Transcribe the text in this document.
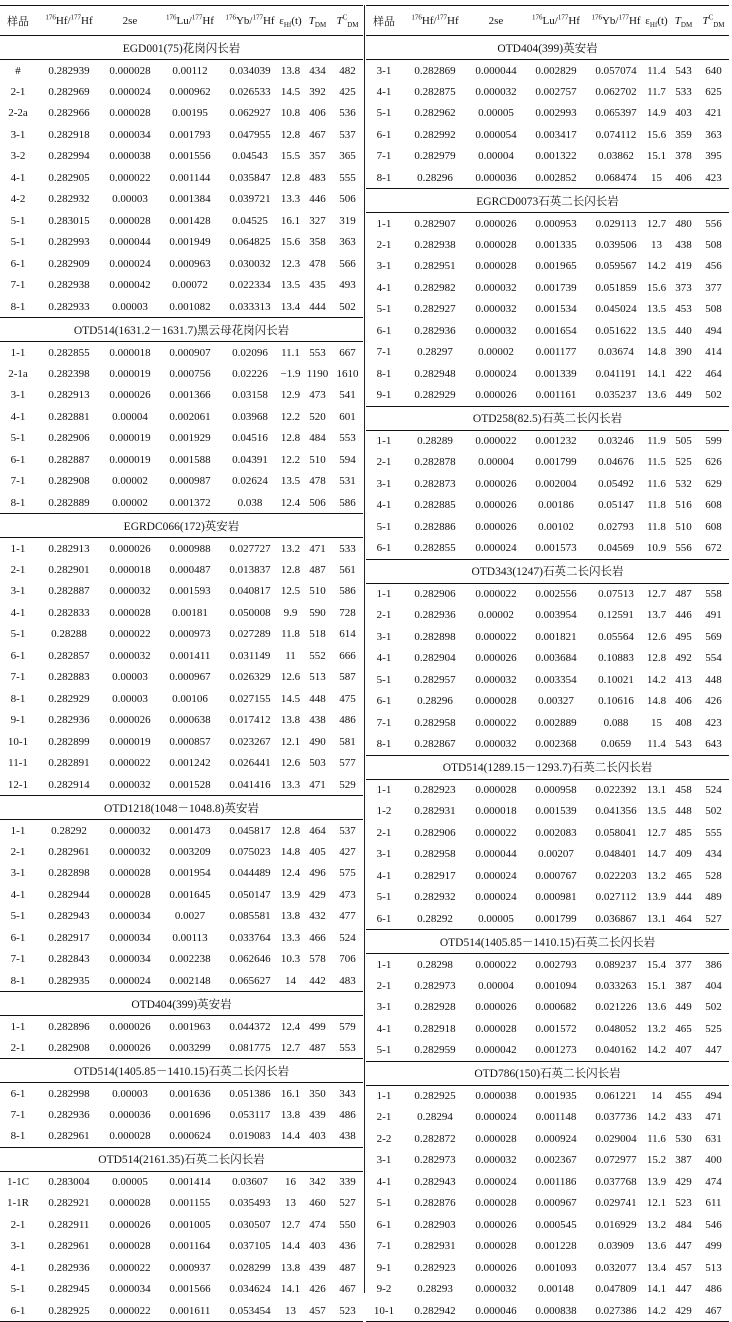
样品	$^{176}$Hf/$^{177}$Hf	2se	$^{176}$Lu/$^{177}$Hf	$^{176}$Yb/$^{177}$Hf	$\varepsilon_{Hf}(t)$	$T_{DM}$	$T^C_{DM}$
EGD001(75)花岗闪长岩							
#	0.282939	0.000028	0.00112	0.034039	13.8	434	482
2-1	0.282969	0.000024	0.000962	0.026533	14.5	392	425
2-2a	0.282966	0.000028	0.00195	0.062927	10.8	406	536
3-1	0.282918	0.000034	0.001793	0.047955	12.8	467	537
3-2	0.282994	0.000038	0.001556	0.04543	15.5	357	365
4-1	0.282905	0.000022	0.001144	0.035847	12.8	483	555
4-2	0.282932	0.00003	0.001384	0.039721	13.3	446	506
5-1	0.283015	0.000028	0.001428	0.04525	16.1	327	319
5-1	0.282993	0.000044	0.001949	0.064825	15.6	358	363
6-1	0.282909	0.000024	0.000963	0.030032	12.3	478	566
7-1	0.282938	0.000042	0.00072	0.022334	13.5	435	493
8-1	0.282933	0.00003	0.001082	0.033313	13.4	444	502
OTD514(1631.2－1631.7)黑云母花岗闪长岩							
1-1	0.282855	0.000018	0.000907	0.02096	11.1	553	667
2-1a	0.282398	0.000019	0.000756	0.02226	−1.9	1190	1610
3-1	0.282913	0.000026	0.001366	0.03158	12.9	473	541
4-1	0.282881	0.00004	0.002061	0.03968	12.2	520	601
5-1	0.282906	0.000019	0.001929	0.04516	12.8	484	553
6-1	0.282887	0.000019	0.001588	0.04391	12.2	510	594
7-1	0.282908	0.00002	0.000987	0.02624	13.5	478	531
8-1	0.282889	0.00002	0.001372	0.038	12.4	506	586
EGRDC066(172)英安岩							
1-1	0.282913	0.000026	0.000988	0.027727	13.2	471	533
2-1	0.282901	0.000018	0.000487	0.013837	12.8	487	561
3-1	0.282887	0.000032	0.001593	0.040817	12.5	510	586
4-1	0.282833	0.000028	0.00181	0.050008	9.9	590	728
5-1	0.28288	0.000022	0.000973	0.027289	11.8	518	614
6-1	0.282857	0.000032	0.001411	0.031149	11	552	666
7-1	0.282883	0.00003	0.000967	0.026329	12.6	513	587
8-1	0.282929	0.00003	0.00106	0.027155	14.5	448	475
9-1	0.282936	0.000026	0.000638	0.017412	13.8	438	486
10-1	0.282899	0.000019	0.000857	0.023267	12.1	490	581
11-1	0.282891	0.000022	0.001242	0.026441	12.6	503	577
12-1	0.282914	0.000032	0.001528	0.041416	13.3	471	529
OTD1218(1048－1048.8)英安岩							
1-1	0.28292	0.000032	0.001473	0.045817	12.8	464	537
2-1	0.282961	0.000032	0.003209	0.075023	14.8	405	427
3-1	0.282898	0.000028	0.001954	0.044489	12.4	496	575
4-1	0.282944	0.000028	0.001645	0.050147	13.9	429	473
5-1	0.282943	0.000034	0.0027	0.085581	13.8	432	477
6-1	0.282917	0.000034	0.00113	0.033764	13.3	466	524
7-1	0.282843	0.000034	0.002238	0.062646	10.3	578	706
8-1	0.282935	0.000024	0.002148	0.065627	14	442	483
OTD404(399)英安岩							
1-1	0.282896	0.000026	0.001963	0.044372	12.4	499	579
2-1	0.282908	0.000026	0.003299	0.081775	12.7	487	553
OTD514(1405.85－1410.15)石英二长闪长岩							
6-1	0.282998	0.00003	0.001636	0.051386	16.1	350	343
7-1	0.282936	0.000036	0.001696	0.053117	13.8	439	486
8-1	0.282961	0.000028	0.000624	0.019083	14.4	403	438
OTD514(2161.35)石英二长闪长岩							
1-1C	0.283004	0.00005	0.001414	0.03607	16	342	339
1-1R	0.282921	0.000028	0.001155	0.035493	13	460	527
2-1	0.282911	0.000026	0.001005	0.030507	12.7	474	550
3-1	0.282961	0.000028	0.001164	0.037105	14.4	403	436
4-1	0.282936	0.000022	0.000937	0.028299	13.8	439	487
5-1	0.282945	0.000034	0.001566	0.034624	14.1	426	467
6-1	0.282925	0.000022	0.001611	0.053454	13	457	523
样品	$^{176}$Hf/$^{177}$Hf	2se	$^{176}$Lu/$^{177}$Hf	$^{176}$Yb/$^{177}$Hf	$\varepsilon_{Hf}(t)$	$T_{DM}$	$T^C_{DM}$
OTD404(399)英安岩							
3-1	0.282869	0.000044	0.002829	0.057074	11.4	543	640
4-1	0.282875	0.000032	0.002757	0.062702	11.7	533	625
5-1	0.282962	0.00005	0.002993	0.065397	14.9	403	421
6-1	0.282992	0.000054	0.003417	0.074112	15.6	359	363
7-1	0.282979	0.00004	0.001322	0.03862	15.1	378	395
8-1	0.28296	0.000036	0.002852	0.068474	15	406	423
EGRCD0073石英二长闪长岩							
1-1	0.282907	0.000026	0.000953	0.029113	12.7	480	556
2-1	0.282938	0.000028	0.001335	0.039506	13	438	508
3-1	0.282951	0.000028	0.001965	0.059567	14.2	419	456
4-1	0.282982	0.000032	0.001739	0.051859	15.6	373	377
5-1	0.282927	0.000032	0.001534	0.045024	13.5	453	508
6-1	0.282936	0.000032	0.001654	0.051622	13.5	440	494
7-1	0.28297	0.00002	0.001177	0.03674	14.8	390	414
8-1	0.282948	0.000024	0.001339	0.041191	14.1	422	464
9-1	0.282929	0.000026	0.001161	0.035237	13.6	449	502
OTD258(82.5)石英二长闪长岩							
1-1	0.28289	0.000022	0.001232	0.03246	11.9	505	599
2-1	0.282878	0.00004	0.001799	0.04676	11.5	525	626
3-1	0.282873	0.000026	0.002004	0.05492	11.6	532	629
4-1	0.282885	0.000026	0.00186	0.05147	11.8	516	608
5-1	0.282886	0.000026	0.00102	0.02793	11.8	510	608
6-1	0.282855	0.000024	0.001573	0.04569	10.9	556	672
OTD343(1247)石英二长闪长岩							
1-1	0.282906	0.000022	0.002556	0.07513	12.7	487	558
2-1	0.282936	0.00002	0.003954	0.12591	13.7	446	491
3-1	0.282898	0.000022	0.001821	0.05564	12.6	495	569
4-1	0.282904	0.000026	0.003684	0.10883	12.8	492	554
5-1	0.282957	0.000032	0.003354	0.10021	14.2	413	448
6-1	0.28296	0.000028	0.00327	0.10616	14.8	406	426
7-1	0.282958	0.000022	0.002889	0.088	15	408	423
8-1	0.282867	0.000032	0.002368	0.0659	11.4	543	643
OTD514(1289.15－1293.7)石英二长闪长岩							
1-1	0.282923	0.000028	0.000958	0.022392	13.1	458	524
1-2	0.282931	0.000018	0.001539	0.041356	13.5	448	502
2-1	0.282906	0.000022	0.002083	0.058041	12.7	485	555
3-1	0.282958	0.000044	0.00207	0.048401	14.7	409	434
4-1	0.282917	0.000024	0.000767	0.022203	13.2	465	528
5-1	0.282932	0.000024	0.000981	0.027112	13.9	444	489
6-1	0.28292	0.00005	0.001799	0.036867	13.1	464	527
OTD514(1405.85－1410.15)石英二长闪长岩							
1-1	0.28298	0.000022	0.002793	0.089237	15.4	377	386
2-1	0.282973	0.00004	0.001094	0.033263	15.1	387	404
3-1	0.282928	0.000026	0.000682	0.021226	13.6	449	502
4-1	0.282918	0.000028	0.001572	0.048052	13.2	465	525
5-1	0.282959	0.000042	0.001273	0.040162	14.2	407	447
OTD786(150)石英二长闪长岩							
1-1	0.282925	0.000038	0.001935	0.061221	14	455	494
2-1	0.28294	0.000024	0.001148	0.037736	14.2	433	471
2-2	0.282872	0.000028	0.000924	0.029004	11.6	530	631
3-1	0.282973	0.000032	0.002367	0.072977	15.2	387	400
4-1	0.282943	0.000024	0.001186	0.037768	13.9	429	474
5-1	0.282876	0.000028	0.000967	0.029741	12.1	523	611
6-1	0.282903	0.000026	0.000545	0.016929	13.2	484	546
7-1	0.282931	0.000028	0.001228	0.03909	13.6	447	499
9-1	0.282923	0.000026	0.001093	0.032077	13.4	457	513
9-2	0.28293	0.000032	0.00148	0.047809	14.1	447	486
10-1	0.282942	0.000046	0.000838	0.027386	14.2	429	467
